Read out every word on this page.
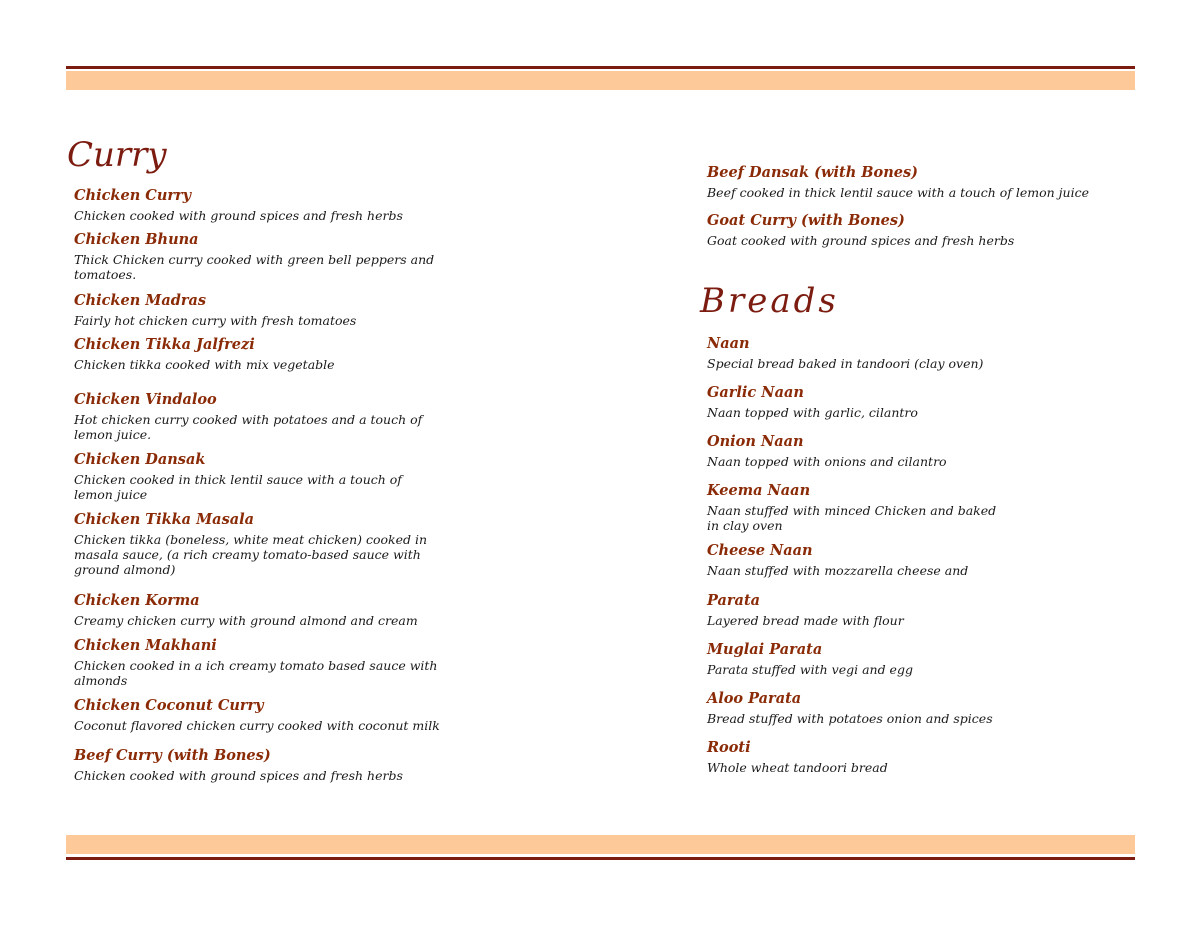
Curry

Chicken Curry

Chicken cooked with ground spices and fresh herbs

Chicken Bhuna

Thick Chicken curry cooked with green bell peppers and tomatoes.

Chicken Madras

Fairly hot chicken curry with fresh tomatoes

Chicken Tikka Jalfrezi

Chicken tikka cooked with mix vegetable

Chicken Vindaloo

Hot chicken curry cooked with potatoes and a touch of lemon juice.

Chicken Dansak

Chicken cooked in thick lentil sauce with a touch of lemon juice

Chicken Tikka Masala

Chicken tikka (boneless, white meat chicken) cooked in masala sauce, (a rich creamy tomato-based sauce with ground almond)

Chicken Korma

Creamy chicken curry with ground almond and cream

Chicken Makhani

Chicken cooked in a ich creamy tomato based sauce with almonds

Chicken Coconut Curry

Coconut flavored chicken curry cooked with coconut milk

Beef Curry (with Bones)

Chicken cooked with ground spices and fresh herbs

Beef Dansak (with Bones)

Beef cooked in thick lentil sauce with a touch of lemon juice

Goat Curry (with Bones)

Goat cooked with ground spices and fresh herbs

Breads

Naan

Special bread baked in tandoori (clay oven)

Garlic Naan

Naan topped with garlic, cilantro

Onion Naan

Naan topped with onions and cilantro

Keema Naan

Naan stuffed with minced Chicken and baked in clay oven

Cheese Naan

Naan stuffed with mozzarella cheese and

Parata

Layered bread made with flour

Muglai Parata

Parata stuffed with vegi and egg

Aloo Parata

Bread stuffed with potatoes onion and spices

Rooti

Whole wheat tandoori bread
